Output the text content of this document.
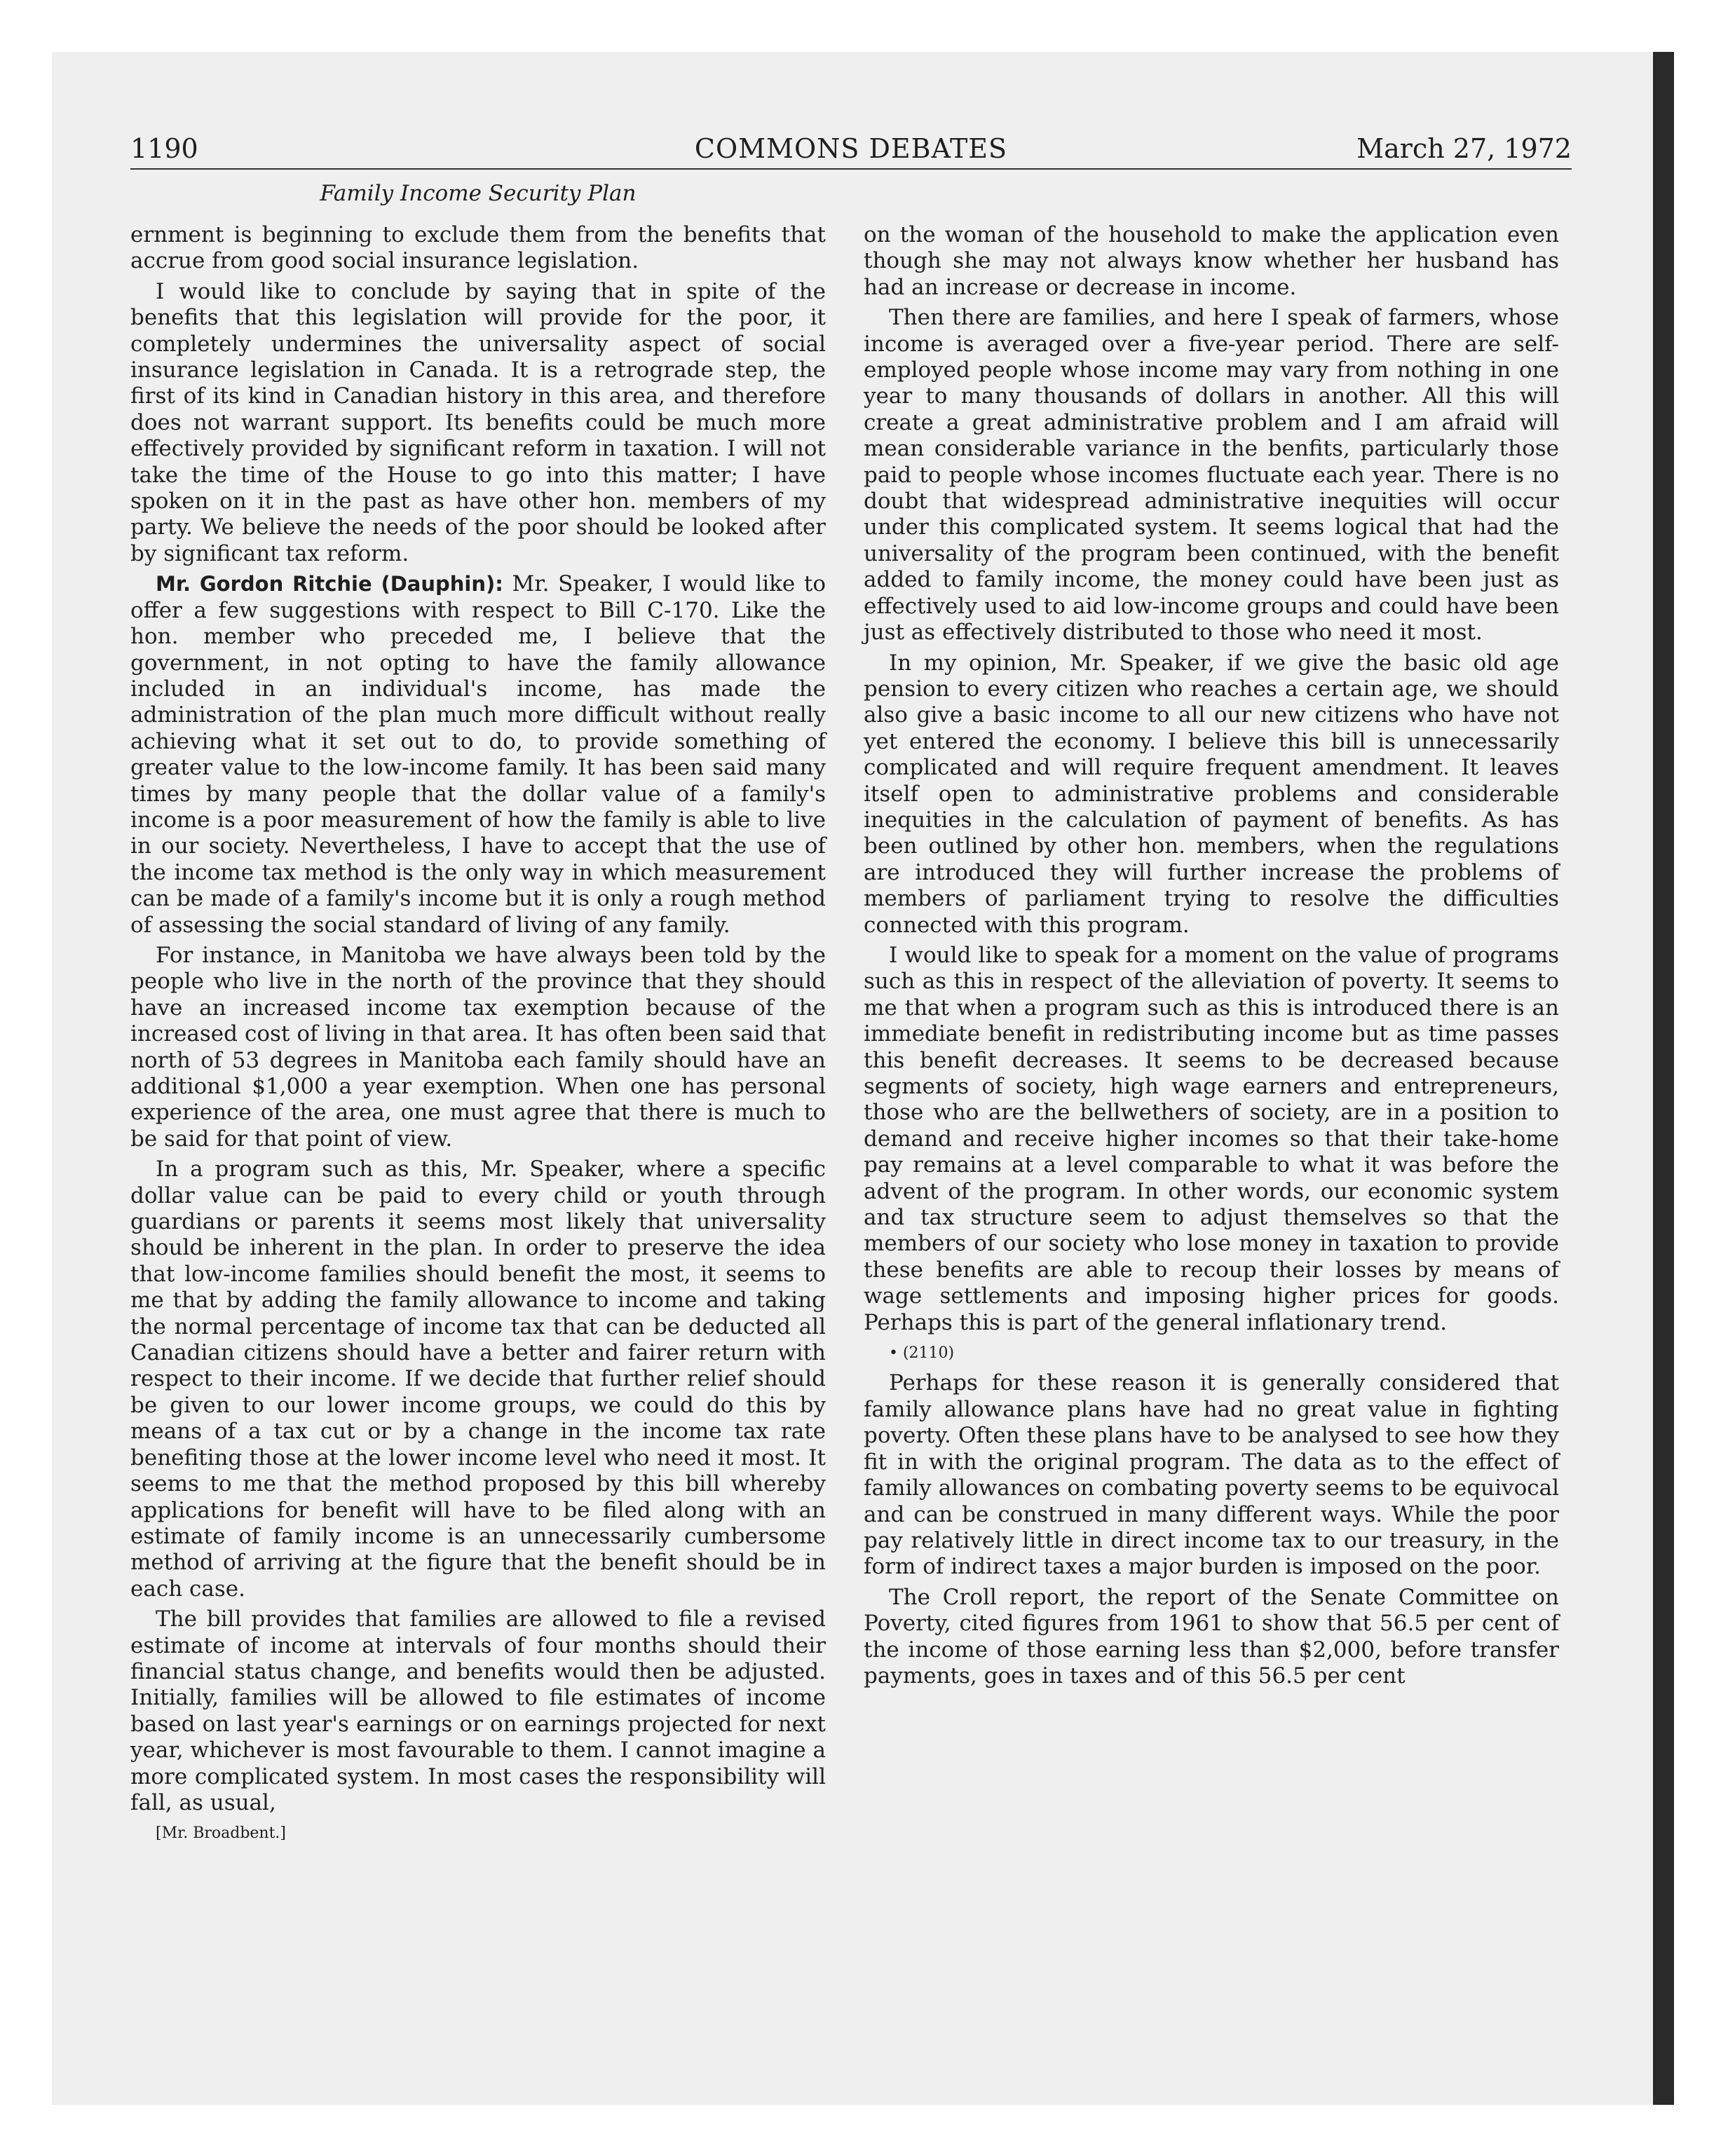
1190	COMMONS DEBATES	March 27, 1972
Family Income Security Plan

ernment is beginning to exclude them from the benefits that accrue from good social insurance legislation.

I would like to conclude by saying that in spite of the benefits that this legislation will provide for the poor, it completely undermines the universality aspect of social insurance legislation in Canada. It is a retrograde step, the first of its kind in Canadian history in this area, and therefore does not warrant support. Its benefits could be much more effectively provided by significant reform in taxation. I will not take the time of the House to go into this matter; I have spoken on it in the past as have other hon. members of my party. We believe the needs of the poor should be looked after by significant tax reform.

Mr. Gordon Ritchie (Dauphin): Mr. Speaker, I would like to offer a few suggestions with respect to Bill C-170. Like the hon. member who preceded me, I believe that the government, in not opting to have the family allowance included in an individual's income, has made the administration of the plan much more difficult without really achieving what it set out to do, to provide something of greater value to the low-income family. It has been said many times by many people that the dollar value of a family's income is a poor measurement of how the family is able to live in our society. Nevertheless, I have to accept that the use of the income tax method is the only way in which measurement can be made of a family's income but it is only a rough method of assessing the social standard of living of any family.

For instance, in Manitoba we have always been told by the people who live in the north of the province that they should have an increased income tax exemption because of the increased cost of living in that area. It has often been said that north of 53 degrees in Manitoba each family should have an additional $1,000 a year exemption. When one has personal experience of the area, one must agree that there is much to be said for that point of view.

In a program such as this, Mr. Speaker, where a specific dollar value can be paid to every child or youth through guardians or parents it seems most likely that universality should be inherent in the plan. In order to preserve the idea that low-income families should benefit the most, it seems to me that by adding the family allowance to income and taking the normal percentage of income tax that can be deducted all Canadian citizens should have a better and fairer return with respect to their income. If we decide that further relief should be given to our lower income groups, we could do this by means of a tax cut or by a change in the income tax rate benefiting those at the lower income level who need it most. It seems to me that the method proposed by this bill whereby applications for benefit will have to be filed along with an estimate of family income is an unnecessarily cumbersome method of arriving at the figure that the benefit should be in each case.

The bill provides that families are allowed to file a revised estimate of income at intervals of four months should their financial status change, and benefits would then be adjusted. Initially, families will be allowed to file estimates of income based on last year's earnings or on earnings projected for next year, whichever is most favourable to them. I cannot imagine a more complicated system. In most cases the responsibility will fall, as usual,

[Mr. Broadbent.]

on the woman of the household to make the application even though she may not always know whether her husband has had an increase or decrease in income.

Then there are families, and here I speak of farmers, whose income is averaged over a five-year period. There are self-employed people whose income may vary from nothing in one year to many thousands of dollars in another. All this will create a great administrative problem and I am afraid will mean considerable variance in the benfits, particularly those paid to people whose incomes fluctuate each year. There is no doubt that widespread administrative inequities will occur under this complicated system. It seems logical that had the universality of the program been continued, with the benefit added to family income, the money could have been just as effectively used to aid low-income groups and could have been just as effectively distributed to those who need it most.

In my opinion, Mr. Speaker, if we give the basic old age pension to every citizen who reaches a certain age, we should also give a basic income to all our new citizens who have not yet entered the economy. I believe this bill is unnecessarily complicated and will require frequent amendment. It leaves itself open to administrative problems and considerable inequities in the calculation of payment of benefits. As has been outlined by other hon. members, when the regulations are introduced they will further increase the problems of members of parliament trying to resolve the difficulties connected with this program.

I would like to speak for a moment on the value of programs such as this in respect of the alleviation of poverty. It seems to me that when a program such as this is introduced there is an immediate benefit in redistributing income but as time passes this benefit decreases. It seems to be decreased because segments of society, high wage earners and entrepreneurs, those who are the bellwethers of society, are in a position to demand and receive higher incomes so that their take-home pay remains at a level comparable to what it was before the advent of the program. In other words, our economic system and tax structure seem to adjust themselves so that the members of our society who lose money in taxation to provide these benefits are able to recoup their losses by means of wage settlements and imposing higher prices for goods. Perhaps this is part of the general inflationary trend.

• (2110)

Perhaps for these reason it is generally considered that family allowance plans have had no great value in fighting poverty. Often these plans have to be analysed to see how they fit in with the original program. The data as to the effect of family allowances on combating poverty seems to be equivocal and can be construed in many different ways. While the poor pay relatively little in direct income tax to our treasury, in the form of indirect taxes a major burden is imposed on the poor.

The Croll report, the report of the Senate Committee on Poverty, cited figures from 1961 to show that 56.5 per cent of the income of those earning less than $2,000, before transfer payments, goes in taxes and of this 56.5 per cent
